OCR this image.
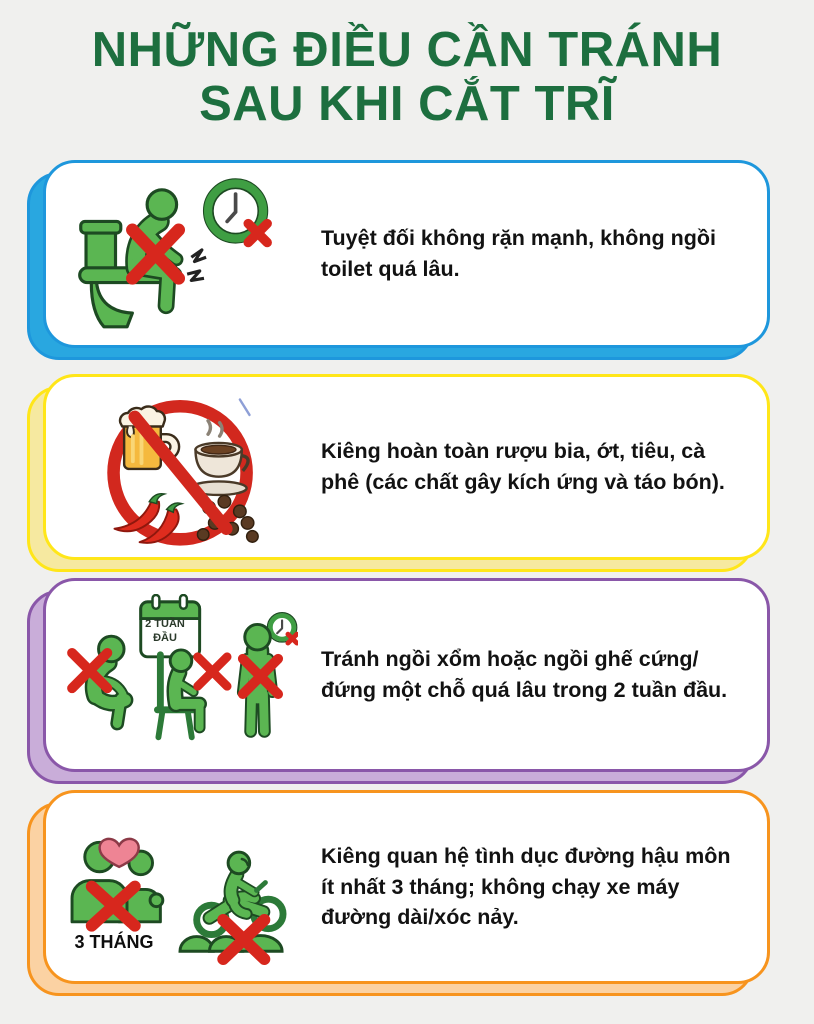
NHỮNG ĐIỀU CẦN TRÁNH
SAU KHI CẮT TRĨ
Tuyệt đối không rặn mạnh, không ngồi toilet quá lâu.
Kiêng hoàn toàn rượu bia, ớt, tiêu, cà phê (các chất gây kích ứng và táo bón).
2 TUẦN
ĐẦU
Tránh ngồi xổm hoặc ngồi ghế cứng/đứng một chỗ quá lâu trong 2 tuần đầu.
3 THÁNG
Kiêng quan hệ tình dục đường hậu môn ít nhất 3 tháng; không chạy xe máy đường dài/xóc nảy.
